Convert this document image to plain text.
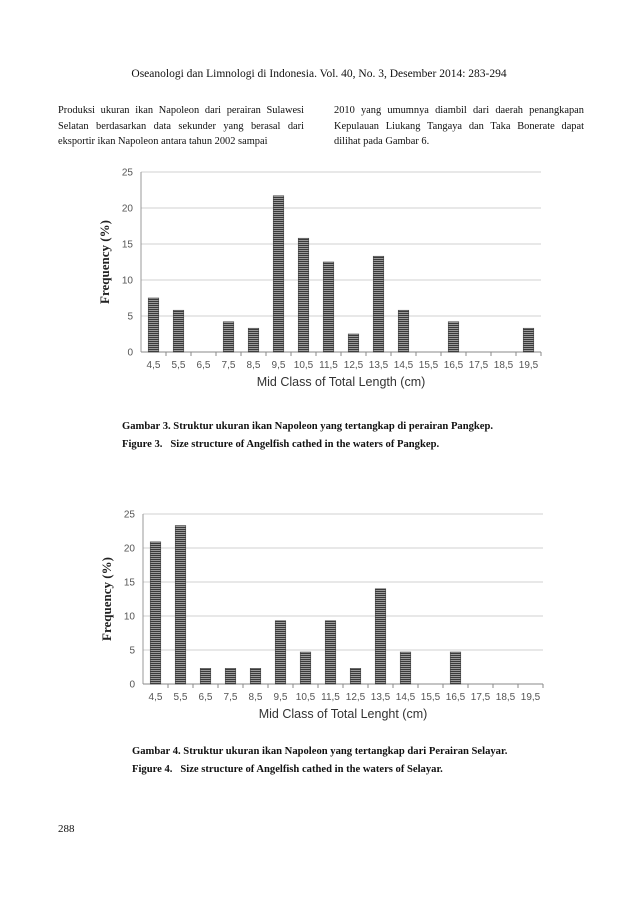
Oseanologi dan Limnologi di Indonesia. Vol. 40, No. 3, Desember 2014: 283-294
Produksi ukuran ikan Napoleon dari perairan Sulawesi Selatan berdasarkan data sekunder yang berasal dari eksportir ikan Napoleon antara tahun 2002 sampai
2010 yang umumnya diambil dari daerah penangkapan Kepulauan Liukang Tangaya dan Taka Bonerate dapat dilihat pada Gambar 6.
0
5
10
15
20
25
4,5 5,5 6,5 7,5 8,5 9,5 10,5 11,5 12,5 13,5 14,5 15,5 16,5 17,5 18,5 19,5
Mid Class of Total Length (cm)
Frequency (%)
Gambar 3. Struktur ukuran ikan Napoleon yang tertangkap di perairan Pangkep.
Figure 3.   Size structure of Angelfish cathed in the waters of Pangkep.
0
5
10
15
20
25
4,5 5,5 6,5 7,5 8,5 9,5 10,5 11,5 12,5 13,5 14,5 15,5 16,5 17,5 18,5 19,5
Mid Class of Total Lenght (cm)
Frequency (%)
Gambar 4. Struktur ukuran ikan Napoleon yang tertangkap dari Perairan Selayar.
Figure 4.   Size structure of Angelfish cathed in the waters of Selayar.
288
